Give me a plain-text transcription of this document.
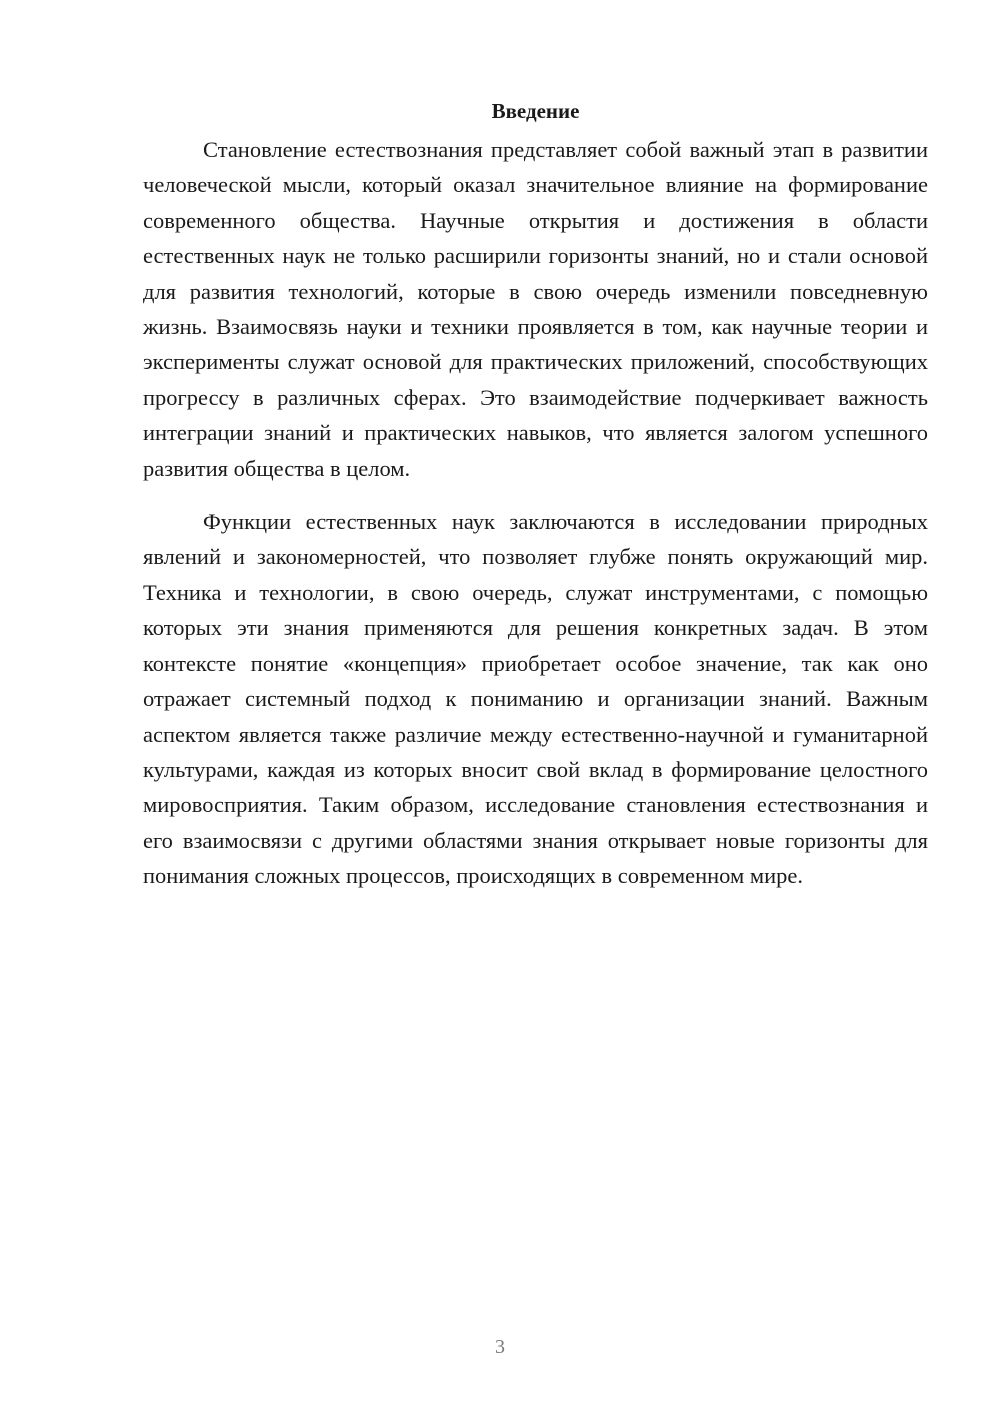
Введение

Становление естествознания представляет собой важный этап в развитии человеческой мысли, который оказал значительное влияние на формирование современного общества. Научные открытия и достижения в области естественных наук не только расширили горизонты знаний, но и стали основой для развития технологий, которые в свою очередь изменили повседневную жизнь. Взаимосвязь науки и техники проявляется в том, как научные теории и эксперименты служат основой для практических приложений, способствующих прогрессу в различных сферах. Это взаимодействие подчеркивает важность интеграции знаний и практических навыков, что является залогом успешного развития общества в целом.

Функции естественных наук заключаются в исследовании природных явлений и закономерностей, что позволяет глубже понять окружающий мир. Техника и технологии, в свою очередь, служат инструментами, с помощью которых эти знания применяются для решения конкретных задач. В этом контексте понятие «концепция» приобретает особое значение, так как оно отражает системный подход к пониманию и организации знаний. Важным аспектом является также различие между естественно-научной и гуманитарной культурами, каждая из которых вносит свой вклад в формирование целостного мировосприятия. Таким образом, исследование становления естествознания и его взаимосвязи с другими областями знания открывает новые горизонты для понимания сложных процессов, происходящих в современном мире.

3
